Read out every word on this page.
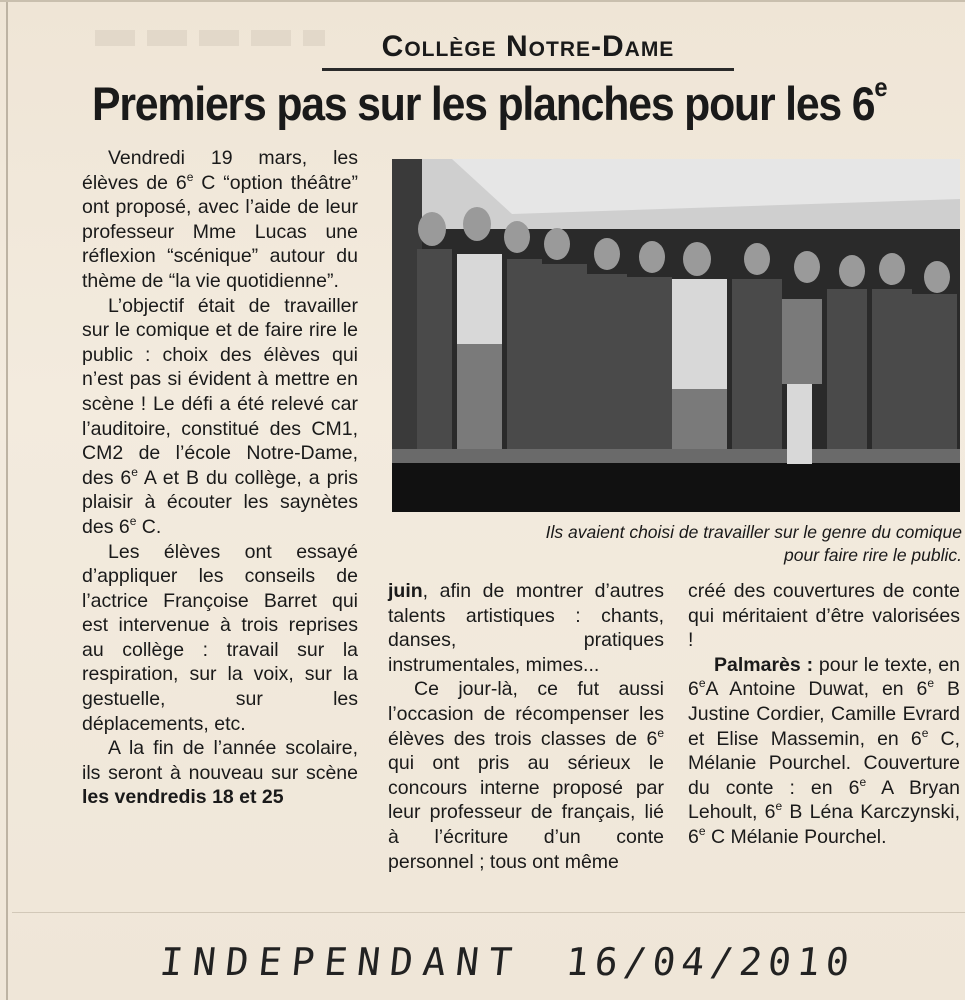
Collège Notre-Dame
Premiers pas sur les planches pour les 6e

Vendredi 19 mars, les élèves de 6e C “option théâtre” ont proposé, avec l’aide de leur professeur Mme Lucas une réflexion “scénique” autour du thème de “la vie quotidienne”.

L’objectif était de travailler sur le comique et de faire rire le public : choix des élèves qui n’est pas si évident à mettre en scène ! Le défi a été relevé car l’auditoire, constitué des CM1, CM2 de l’école Notre-Dame, des 6e A et B du collège, a pris plaisir à écouter les saynètes des 6e C.

Les élèves ont essayé d’appliquer les conseils de l’actrice Françoise Barret qui est intervenue à trois reprises au collège : travail sur la respiration, sur la voix, sur la gestuelle, sur les déplacements, etc.

A la fin de l’année scolaire, ils seront à nouveau sur scène les vendredis 18 et 25

Ils avaient choisi de travailler sur le genre du comique
pour faire rire le public.

juin, afin de montrer d’autres talents artistiques : chants, danses, pratiques instrumentales, mimes...

Ce jour-là, ce fut aussi l’occasion de récompenser les élèves des trois classes de 6e qui ont pris au sérieux le concours interne proposé par leur professeur de français, lié à l’écriture d’un conte personnel ; tous ont même

créé des couvertures de conte qui méritaient d’être valorisées !

Palmarès : pour le texte, en 6eA Antoine Duwat, en 6e B Justine Cordier, Camille Evrard et Elise Massemin, en 6e C, Mélanie Pourchel. Couverture du conte : en 6e A Bryan Lehoult, 6e B Léna Karczynski, 6e C Mélanie Pourchel.

INDEPENDANT 16/04/2010
